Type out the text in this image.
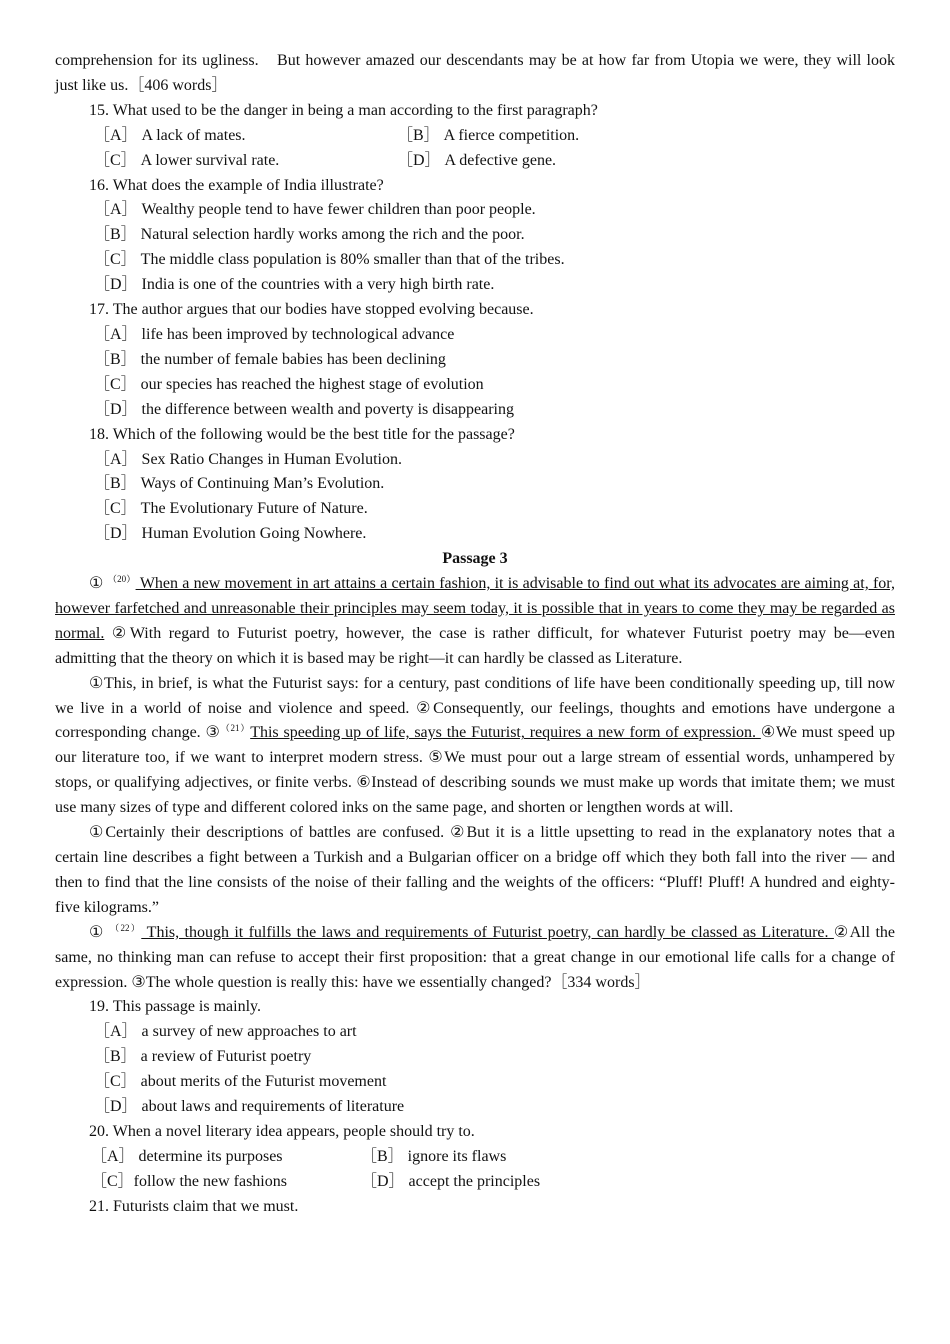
comprehension for its ugliness.　But however amazed our descendants may be at how far from Utopia we were, they will look just like us.［406 words］

15. What used to be the danger in being a man according to the first paragraph?

［A］ A lack of mates.	［B］ A fierce competition.
［C］ A lower survival rate.	［D］ A defective gene.

16. What does the example of India illustrate?

［A］ Wealthy people tend to have fewer children than poor people.

［B］ Natural selection hardly works among the rich and the poor.

［C］ The middle class population is 80% smaller than that of the tribes.

［D］ India is one of the countries with a very high birth rate.

17. The author argues that our bodies have stopped evolving because.

［A］ life has been improved by technological advance

［B］ the number of female babies has been declining

［C］ our species has reached the highest stage of evolution

［D］ the difference between wealth and poverty is disappearing

18. Which of the following would be the best title for the passage?

［A］ Sex Ratio Changes in Human Evolution.

［B］ Ways of Continuing Man’s Evolution.

［C］ The Evolutionary Future of Nature.

［D］ Human Evolution Going Nowhere.

Passage 3

① $^{(20)}$ When a new movement in art attains a certain fashion, it is advisable to find out what its advocates are aiming at, for, however farfetched and unreasonable their principles may seem today, it is possible that in years to come they may be regarded as normal. ②With regard to Futurist poetry, however, the case is rather difficult, for whatever Futurist poetry may be—even admitting that the theory on which it is based may be right—it can hardly be classed as Literature.

①This, in brief, is what the Futurist says: for a century, past conditions of life have been conditionally speeding up, till now we live in a world of noise and violence and speed. ②Consequently, our feelings, thoughts and emotions have undergone a corresponding change. ③$^{(21)}$This speeding up of life, says the Futurist, requires a new form of expression. ④We must speed up our literature too, if we want to interpret modern stress. ⑤We must pour out a large stream of essential words, unhampered by stops, or qualifying adjectives, or finite verbs. ⑥Instead of describing sounds we must make up words that imitate them; we must use many sizes of type and different colored inks on the same page, and shorten or lengthen words at will.

①Certainly their descriptions of battles are confused. ②But it is a little upsetting to read in the explanatory notes that a certain line describes a fight between a Turkish and a Bulgarian officer on a bridge off which they both fall into the river — and then to find that the line consists of the noise of their falling and the weights of the officers: “Pluff! Pluff! A hundred and eighty-five kilograms.”

① $^{(22)}$ This, though it fulfills the laws and requirements of Futurist poetry, can hardly be classed as Literature. ②All the same, no thinking man can refuse to accept their first proposition: that a great change in our emotional life calls for a change of expression. ③The whole question is really this: have we essentially changed?［334 words］

19. This passage is mainly.

［A］ a survey of new approaches to art

［B］ a review of Futurist poetry

［C］ about merits of the Futurist movement

［D］ about laws and requirements of literature

20. When a novel literary idea appears, people should try to.

［A］ determine its purposes	［B］ ignore its flaws
［C］follow the new fashions	［D］ accept the principles

21. Futurists claim that we must.
